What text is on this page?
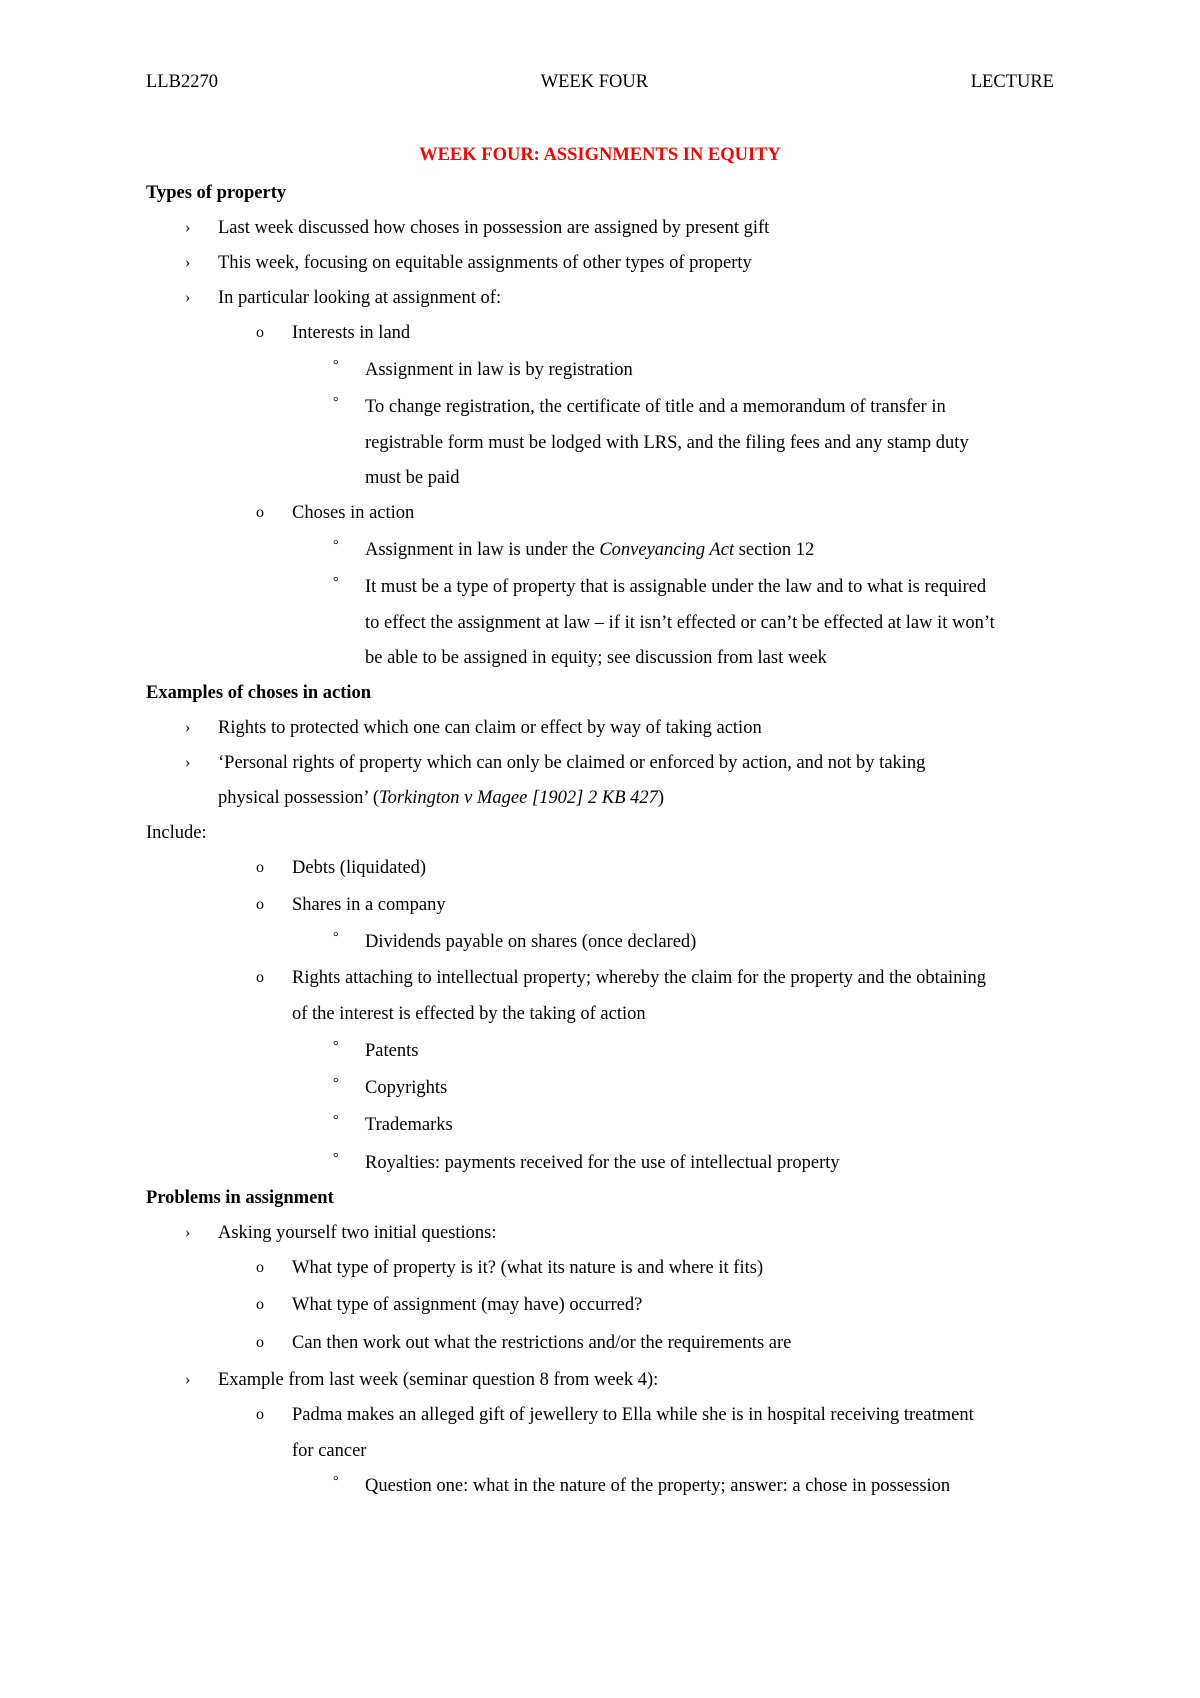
LLB2270	WEEK FOUR	LECTURE
WEEK FOUR: ASSIGNMENTS IN EQUITY
Types of property
› Last week discussed how choses in possession are assigned by present gift
› This week, focusing on equitable assignments of other types of property
› In particular looking at assignment of:
o Interests in land
° Assignment in law is by registration
° To change registration, the certificate of title and a memorandum of transfer in
registrable form must be lodged with LRS, and the filing fees and any stamp duty
must be paid
o Choses in action
° Assignment in law is under the Conveyancing Act section 12
° It must be a type of property that is assignable under the law and to what is required
to effect the assignment at law – if it isn’t effected or can’t be effected at law it won’t
be able to be assigned in equity; see discussion from last week
Examples of choses in action
› Rights to protected which one can claim or effect by way of taking action
› ‘Personal rights of property which can only be claimed or enforced by action, and not by taking
physical possession’ (Torkington v Magee [1902] 2 KB 427)
Include:
o Debts (liquidated)
o Shares in a company
° Dividends payable on shares (once declared)
o Rights attaching to intellectual property; whereby the claim for the property and the obtaining
of the interest is effected by the taking of action
° Patents
° Copyrights
° Trademarks
° Royalties: payments received for the use of intellectual property
Problems in assignment
› Asking yourself two initial questions:
o What type of property is it? (what its nature is and where it fits)
o What type of assignment (may have) occurred?
o Can then work out what the restrictions and/or the requirements are
› Example from last week (seminar question 8 from week 4):
o Padma makes an alleged gift of jewellery to Ella while she is in hospital receiving treatment
for cancer
° Question one: what in the nature of the property; answer: a chose in possession
